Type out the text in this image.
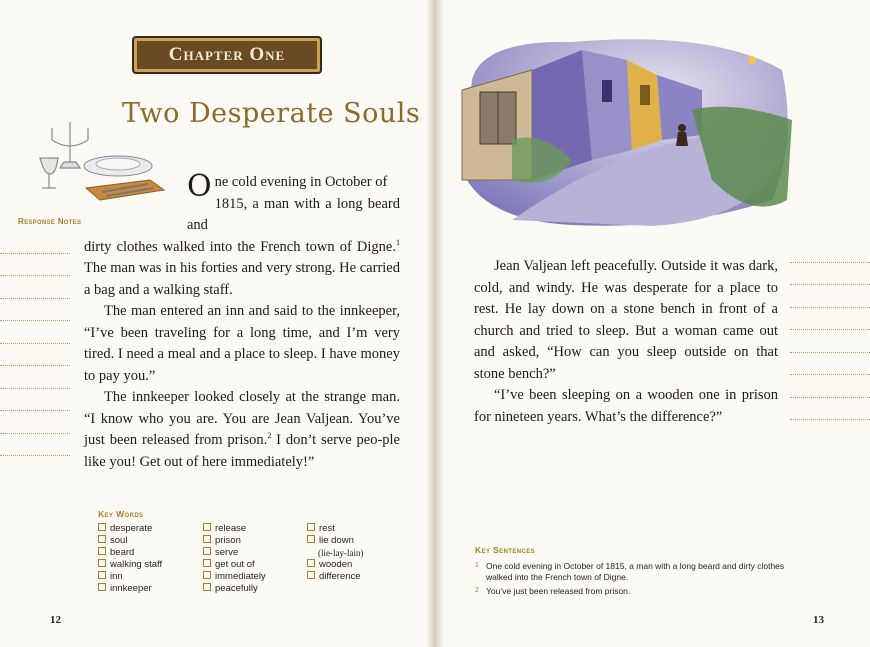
Chapter One
Two Desperate Souls
Response Notes

One cold evening in October of
1815, a man with a long beard and
dirty clothes walked into the French town of Digne.$^1$ The man was in his forties and very strong. He carried a bag and a walking staff.

The man entered an inn and said to the innkeeper, “I’ve been traveling for a long time, and I’m very tired. I need a meal and a place to sleep. I have money to pay you.”

The innkeeper looked closely at the strange man. “I know who you are. You are Jean Valjean. You’ve just been released from prison.$^2$ I don’t serve peo-ple like you! Get out of here immediately!”

Key Words
desperate
soul
beard
walking staff
inn
innkeeper
release
prison
serve
get out of
immediately
peacefully
rest
lie down
(lie-lay-lain)
wooden
difference
12

Jean Valjean left peacefully. Outside it was dark, cold, and windy. He was desperate for a place to rest. He lay down on a stone bench in front of a church and tried to sleep. But a woman came out and asked, “How can you sleep outside on that stone bench?”

“I’ve been sleeping on a wooden one in prison for nineteen years. What’s the difference?”

Key Sentences
1 One cold evening in October of 1815, a man with a long beard and dirty clothes walked into the French town of Digne.
2 You’ve just been released from prison.
13
